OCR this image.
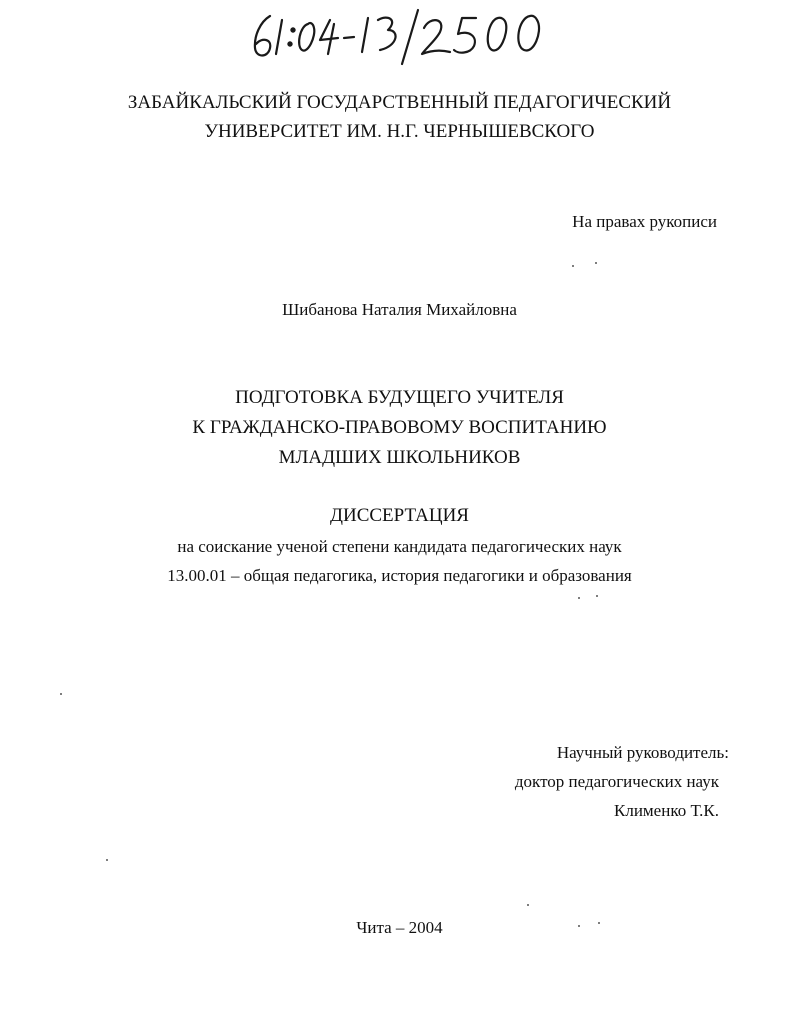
ЗАБАЙКАЛЬСКИЙ ГОСУДАРСТВЕННЫЙ ПЕДАГОГИЧЕСКИЙ
УНИВЕРСИТЕТ ИМ. Н.Г. ЧЕРНЫШЕВСКОГО
На правах рукописи
Шибанова Наталия Михайловна
ПОДГОТОВКА БУДУЩЕГО УЧИТЕЛЯ
К ГРАЖДАНСКО-ПРАВОВОМУ ВОСПИТАНИЮ
МЛАДШИХ ШКОЛЬНИКОВ
ДИССЕРТАЦИЯ
на соискание ученой степени кандидата педагогических наук
13.00.01 – общая педагогика, история педагогики и образования
Научный руководитель:
доктор педагогических наук
Клименко Т.К.
Чита – 2004
